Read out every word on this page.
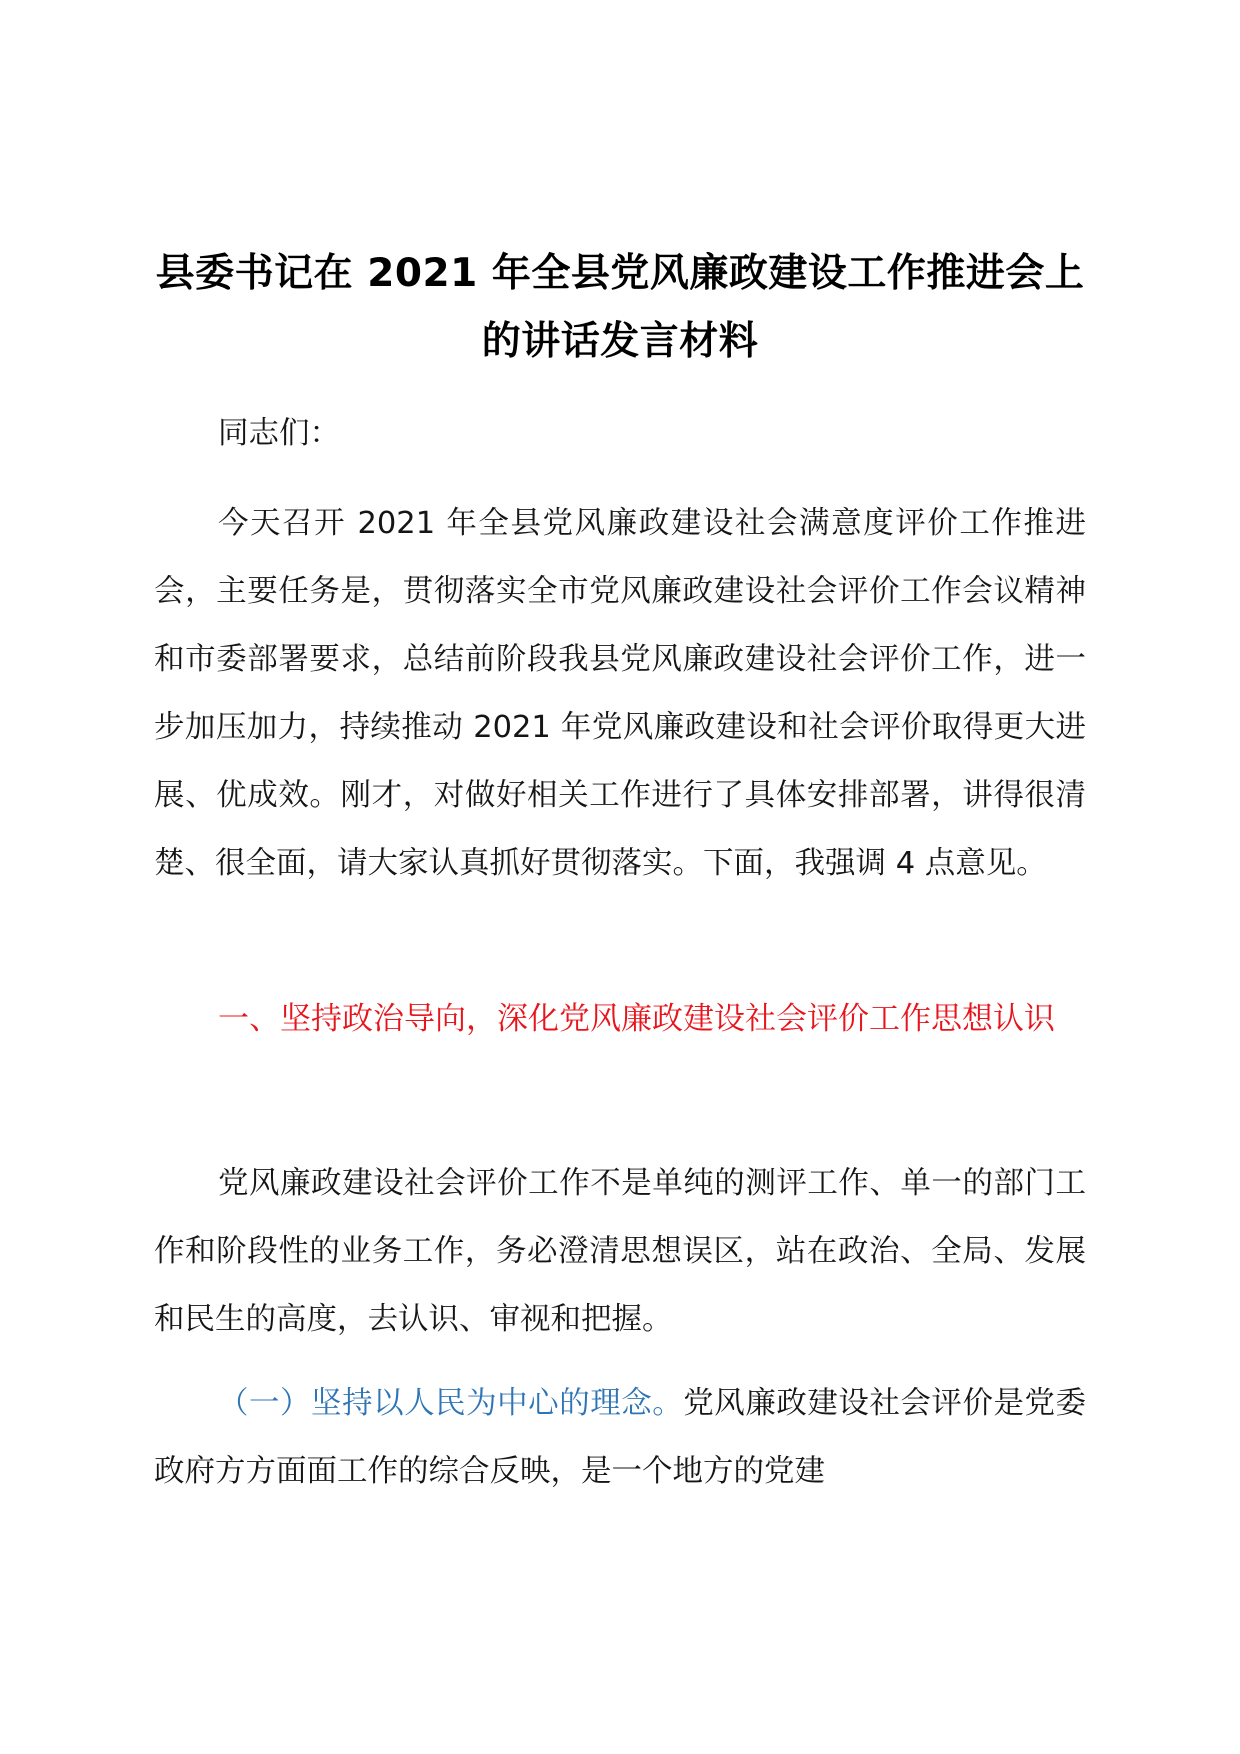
县委书记在 2021 年全县党风廉政建设工作推进会上的讲话发言材料

同志们：

今天召开 2021 年全县党风廉政建设社会满意度评价工作推进会，主要任务是，贯彻落实全市党风廉政建设社会评价工作会议精神和市委部署要求，总结前阶段我县党风廉政建设社会评价工作，进一步加压加力，持续推动 2021 年党风廉政建设和社会评价取得更大进展、优成效。刚才，对做好相关工作进行了具体安排部署，讲得很清楚、很全面，请大家认真抓好贯彻落实。下面，我强调 4 点意见。

一、坚持政治导向，深化党风廉政建设社会评价工作思想认识

党风廉政建设社会评价工作不是单纯的测评工作、单一的部门工作和阶段性的业务工作，务必澄清思想误区，站在政治、全局、发展和民生的高度，去认识、审视和把握。

（一）坚持以人民为中心的理念。党风廉政建设社会评价是党委政府方方面面工作的综合反映，是一个地方的党建
